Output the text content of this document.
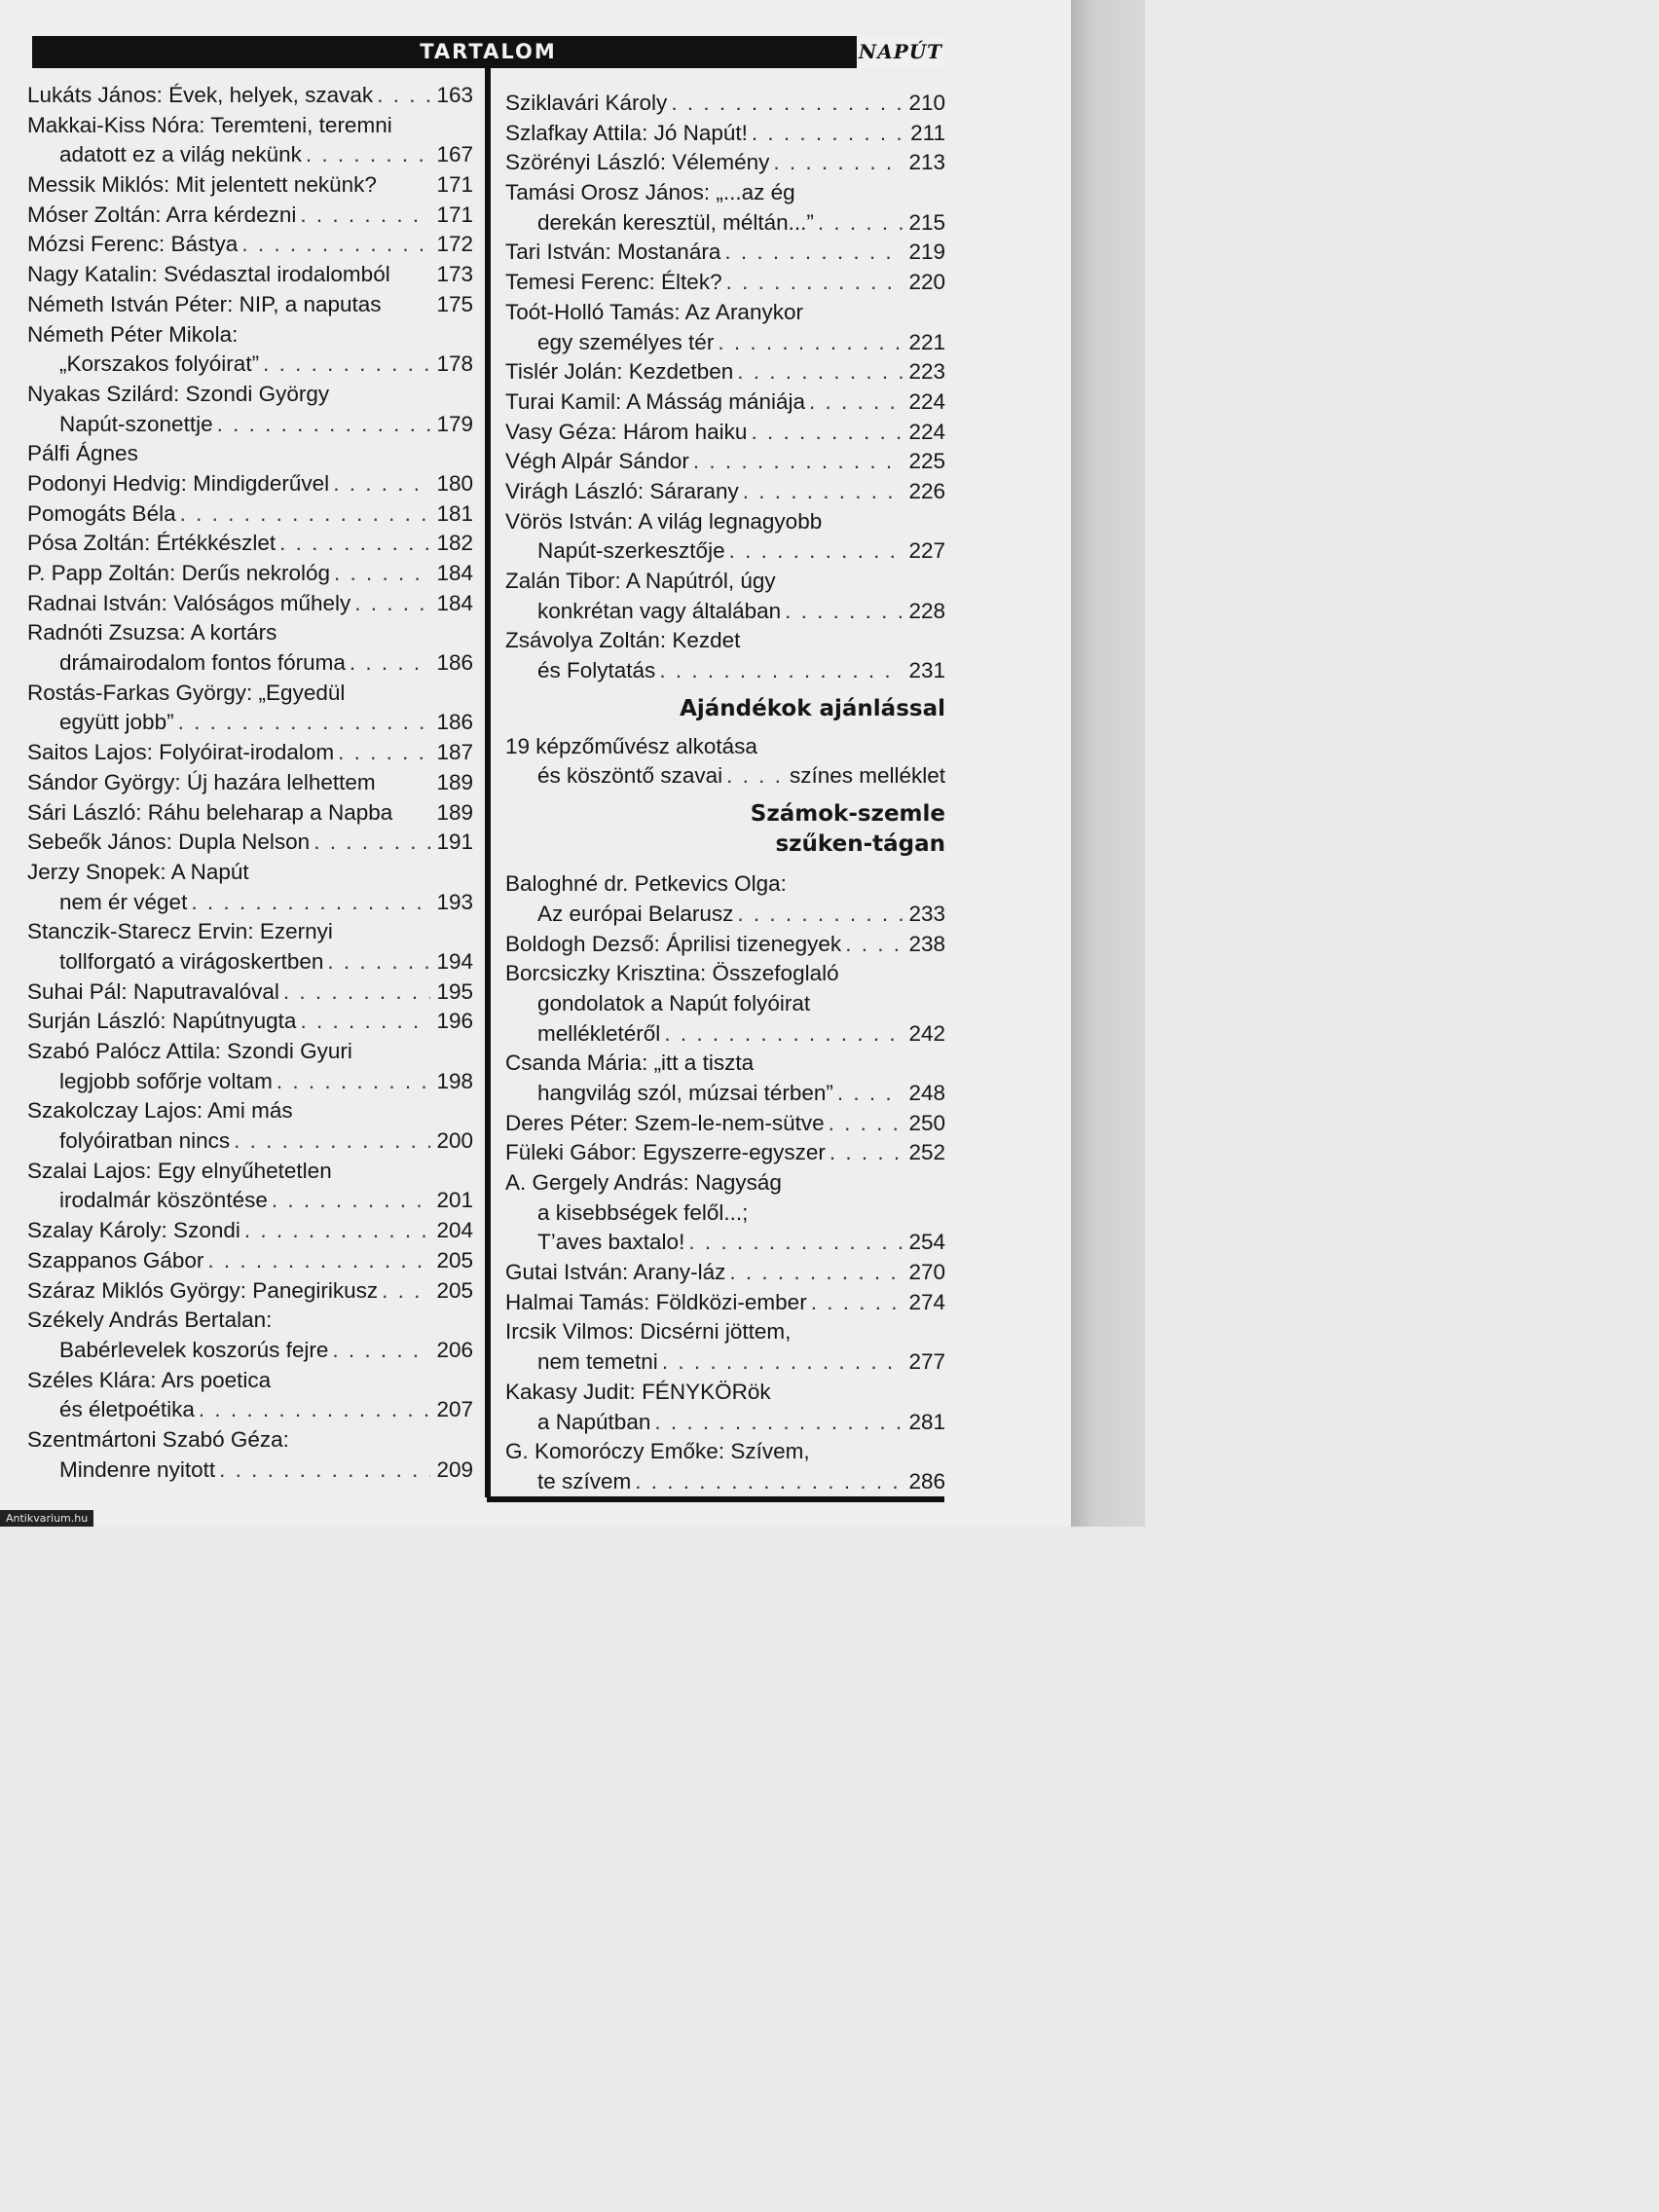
TARTALOM	NAPÚT
Lukáts János: Évek, helyek, szavak . . .	163
Makkai-Kiss Nóra: Teremteni, teremni
adatott ez a világ nekünk . . .	167
Messik Miklós: Mit jelentett nekünk?	171
Móser Zoltán: Arra kérdezni . . .	171
Mózsi Ferenc: Bástya . . .	172
Nagy Katalin: Svédasztal irodalomból 173
Németh István Péter: NIP, a naputas	175
Németh Péter Mikola:
„Korszakos folyóirat” . . .	178
Nyakas Szilárd: Szondi György
Napút-szonettje . . .	179
Pálfi Ágnes
Podonyi Hedvig: Mindigderűvel . . .	180
Pomogáts Béla . . .	181
Pósa Zoltán: Értékkészlet . . .	182
P. Papp Zoltán: Derűs nekrológ . . .	184
Radnai István: Valóságos műhely . . .	184
Radnóti Zsuzsa: A kortárs
drámairodalom fontos fóruma . . .	186
Rostás-Farkas György: „Egyedül
együtt jobb” . . .	186
Saitos Lajos: Folyóirat-irodalom . . .	187
Sándor György: Új hazára lelhettem	189
Sári László: Ráhu beleharap a Napba 189
Sebeők János: Dupla Nelson . . .	191
Jerzy Snopek: A Napút
nem ér véget . . .	193
Stanczik-Starecz Ervin: Ezernyi
tollforgató a virágoskertben . . .	194
Suhai Pál: Naputravalóval . . .	195
Surján László: Napútnyugta . . .	196
Szabó Palócz Attila: Szondi Gyuri
legjobb sofőrje voltam . . .	198
Szakolczay Lajos: Ami más
folyóiratban nincs . . .	200
Szalai Lajos: Egy elnyűhetetlen
irodalmár köszöntése . . .	201
Szalay Károly: Szondi . . .	204
Szappanos Gábor . . .	205
Száraz Miklós György: Panegirikusz . . .	205
Székely András Bertalan:
Babérlevelek koszorús fejre . . .	206
Széles Klára: Ars poetica
és életpoétika . . .	207
Szentmártoni Szabó Géza:
Mindenre nyitott . . .	209
Sziklavári Károly . . .	210
Szlafkay Attila: Jó Napút! . . .	211
Szörényi László: Vélemény . . .	213
Tamási Orosz János: „...az ég
derekán keresztül, méltán...” . . .	215
Tari István: Mostanára . . .	219
Temesi Ferenc: Éltek? . . .	220
Toót-Holló Tamás: Az Aranykor
egy személyes tér . . .	221
Tislér Jolán: Kezdetben . . .	223
Turai Kamil: A Másság mániája . . .	224
Vasy Géza: Három haiku . . .	224
Végh Alpár Sándor . . .	225
Virágh László: Sárarany . . .	226
Vörös István: A világ legnagyobb
Napút-szerkesztője . . .	227
Zalán Tibor: A Napútról, úgy
konkrétan vagy általában . . .	228
Zsávolya Zoltán: Kezdet
és Folytatás . . .	231
Ajándékok ajánlással
19 képzőművész alkotása
és köszöntő szavai . . .	színes melléklet
Számok-szemle
szűken-tágan
Baloghné dr. Petkevics Olga:
Az európai Belarusz . . .	233
Boldogh Dezső: Áprilisi tizenegyek . . .	238
Borcsiczky Krisztina: Összefoglaló
gondolatok a Napút folyóirat
mellékletéről . . .	242
Csanda Mária: „itt a tiszta
hangvilág szól, múzsai térben” . . .	248
Deres Péter: Szem-le-nem-sütve . . .	250
Füleki Gábor: Egyszerre-egyszer . . .	252
A. Gergely András: Nagyság
a kisebbségek felől...;
T’aves baxtalo! . . .	254
Gutai István: Arany-láz . . .	270
Halmai Tamás: Földközi-ember . . .	274
Ircsik Vilmos: Dicsérni jöttem,
nem temetni . . .	277
Kakasy Judit: FÉNYKÖRök
a Napútban . . .	281
G. Komoróczy Emőke: Szívem,
te szívem . . .	286
Antikvarium.hu
